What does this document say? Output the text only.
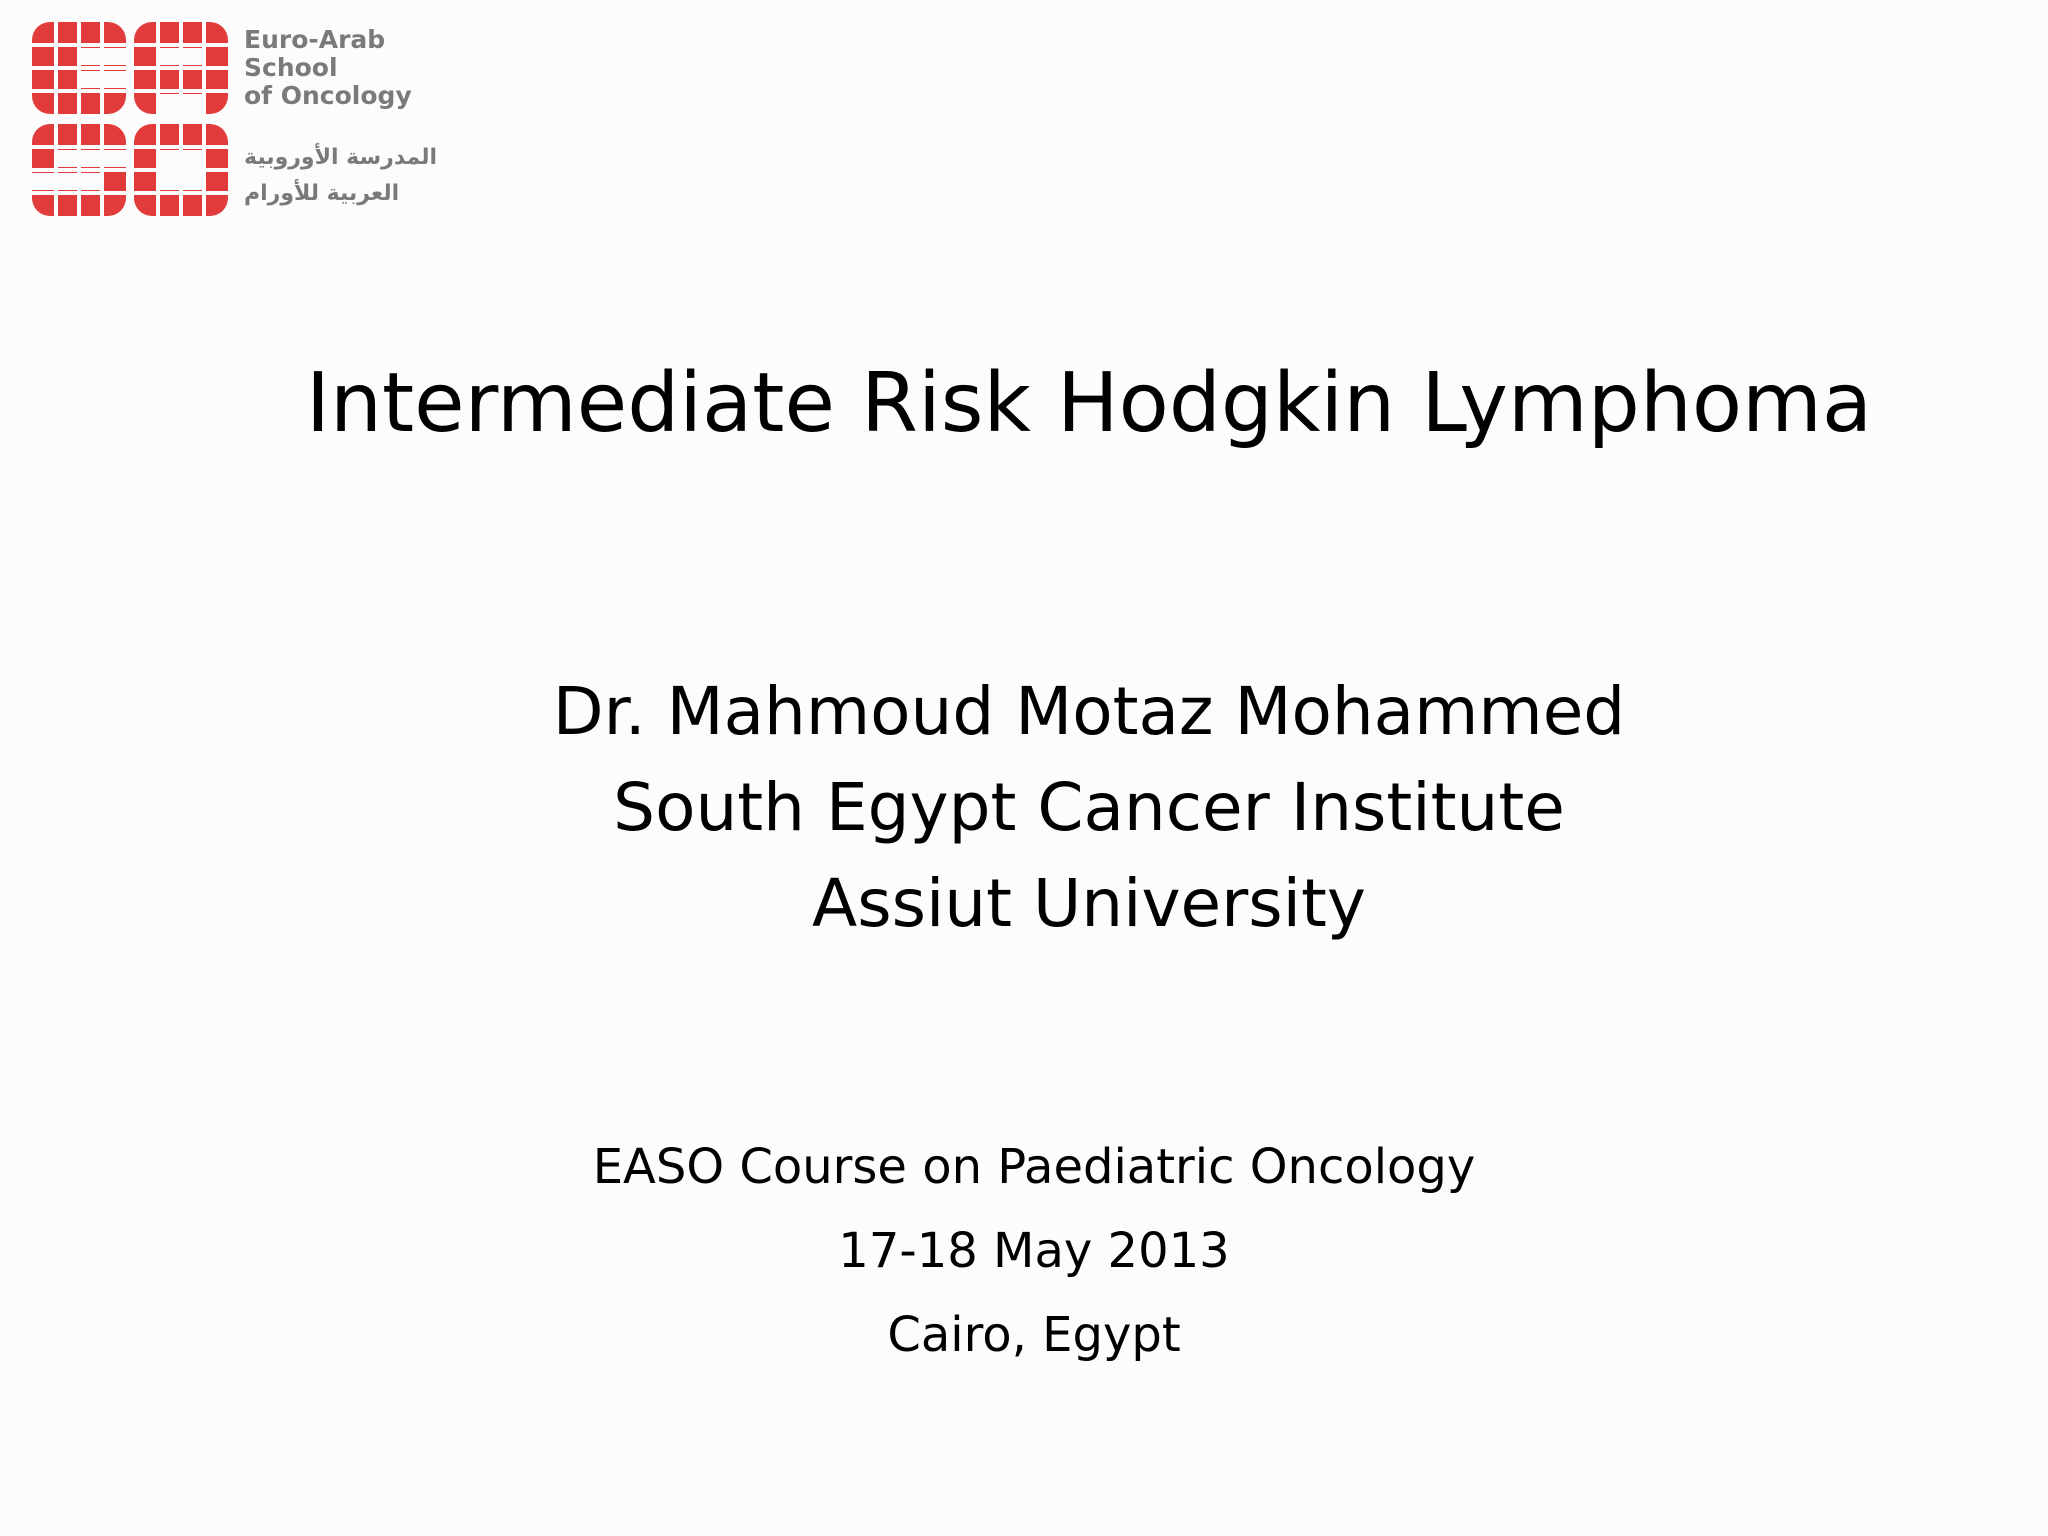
Euro-Arab
School
of Oncology
المدرسة الأوروبية
العربية للأورام
Intermediate Risk Hodgkin Lymphoma
Dr. Mahmoud Motaz Mohammed
South Egypt Cancer Institute
Assiut University
EASO Course on Paediatric Oncology
17-18 May 2013
Cairo, Egypt
